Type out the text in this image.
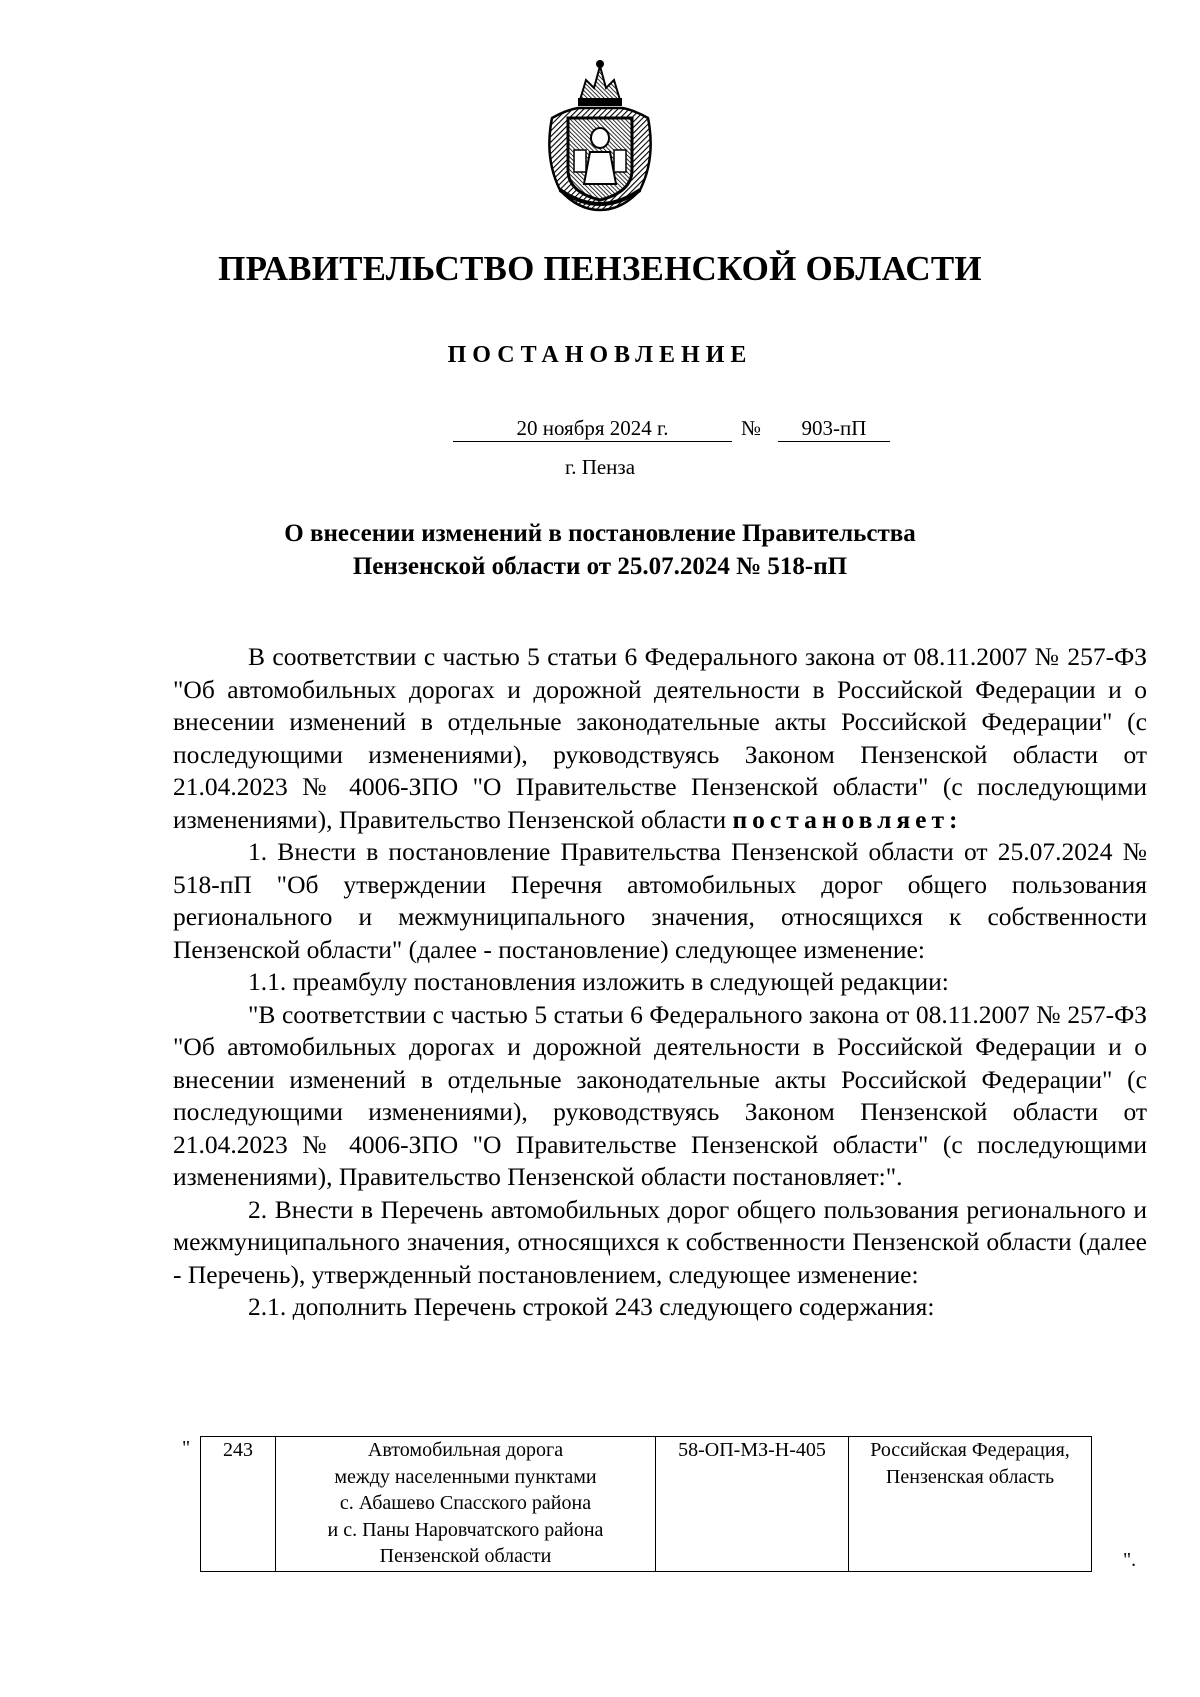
ПРАВИТЕЛЬСТВО ПЕНЗЕНСКОЙ ОБЛАСТИ
ПОСТАНОВЛЕНИЕ
20 ноября 2024 г.	№	903-пП
г. Пенза
О внесении изменений в постановление Правительства
Пензенской области от 25.07.2024 № 518-пП

В соответствии с частью 5 статьи 6 Федерального закона от 08.11.2007 № 257-ФЗ "Об автомобильных дорогах и дорожной деятельности в Российской Федерации и о внесении изменений в отдельные законодательные акты Российской Федерации" (с последующими изменениями), руководствуясь Законом Пензенской области от 21.04.2023 № 4006-ЗПО "О Правительстве Пензенской области" (с последующими изменениями), Правительство Пензенской области постановляет:

1. Внести в постановление Правительства Пензенской области от 25.07.2024 № 518-пП "Об утверждении Перечня автомобильных дорог общего пользования регионального и межмуниципального значения, относящихся к собственности Пензенской области" (далее - постановление) следующее изменение:

1.1. преамбулу постановления изложить в следующей редакции:

"В соответствии с частью 5 статьи 6 Федерального закона от 08.11.2007 № 257-ФЗ "Об автомобильных дорогах и дорожной деятельности в Российской Федерации и о внесении изменений в отдельные законодательные акты Российской Федерации" (с последующими изменениями), руководствуясь Законом Пензенской области от 21.04.2023 № 4006-ЗПО "О Правительстве Пензенской области" (с последующими изменениями), Правительство Пензенской области постановляет:".

2. Внести в Перечень автомобильных дорог общего пользования регионального и межмуниципального значения, относящихся к собственности Пензенской области (далее - Перечень), утвержденный постановлением, следующее изменение:

2.1. дополнить Перечень строкой 243 следующего содержания:

" 243	Автомобильная дорога
между населенными пунктами
с. Абашево Спасского района
и с. Паны Наровчатского района
Пензенской области
	58-ОП-МЗ-Н-405	Российская Федерация,
Пензенская область
".
